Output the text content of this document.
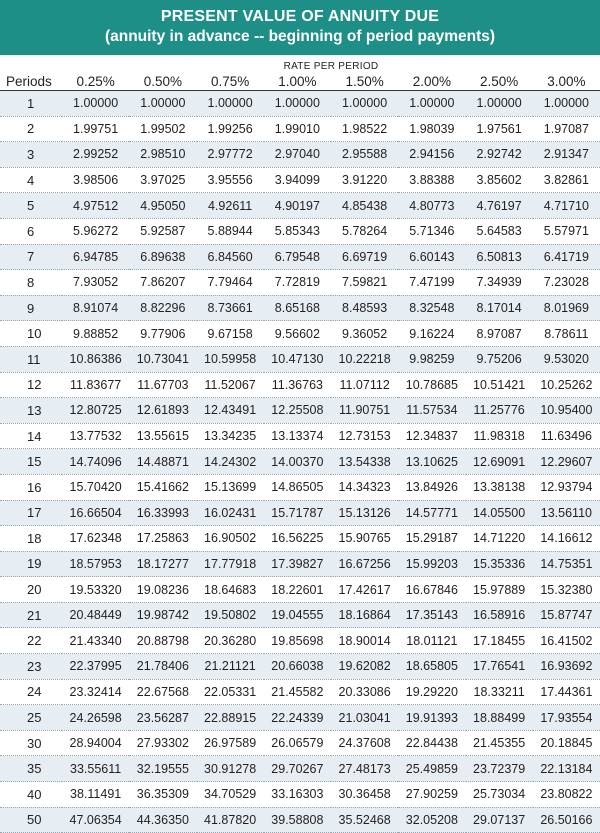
PRESENT VALUE OF ANNUITY DUE
(annuity in advance -- beginning of period payments)
	RATE PER PERIOD							
Periods	0.25%	0.50%	0.75%	1.00%	1.50%	2.00%	2.50%	3.00%
1	1.00000	1.00000	1.00000	1.00000	1.00000	1.00000	1.00000	1.00000
2	1.99751	1.99502	1.99256	1.99010	1.98522	1.98039	1.97561	1.97087
3	2.99252	2.98510	2.97772	2.97040	2.95588	2.94156	2.92742	2.91347
4	3.98506	3.97025	3.95556	3.94099	3.91220	3.88388	3.85602	3.82861
5	4.97512	4.95050	4.92611	4.90197	4.85438	4.80773	4.76197	4.71710
6	5.96272	5.92587	5.88944	5.85343	5.78264	5.71346	5.64583	5.57971
7	6.94785	6.89638	6.84560	6.79548	6.69719	6.60143	6.50813	6.41719
8	7.93052	7.86207	7.79464	7.72819	7.59821	7.47199	7.34939	7.23028
9	8.91074	8.82296	8.73661	8.65168	8.48593	8.32548	8.17014	8.01969
10	9.88852	9.77906	9.67158	9.56602	9.36052	9.16224	8.97087	8.78611
11	10.86386	10.73041	10.59958	10.47130	10.22218	9.98259	9.75206	9.53020
12	11.83677	11.67703	11.52067	11.36763	11.07112	10.78685	10.51421	10.25262
13	12.80725	12.61893	12.43491	12.25508	11.90751	11.57534	11.25776	10.95400
14	13.77532	13.55615	13.34235	13.13374	12.73153	12.34837	11.98318	11.63496
15	14.74096	14.48871	14.24302	14.00370	13.54338	13.10625	12.69091	12.29607
16	15.70420	15.41662	15.13699	14.86505	14.34323	13.84926	13.38138	12.93794
17	16.66504	16.33993	16.02431	15.71787	15.13126	14.57771	14.05500	13.56110
18	17.62348	17.25863	16.90502	16.56225	15.90765	15.29187	14.71220	14.16612
19	18.57953	18.17277	17.77918	17.39827	16.67256	15.99203	15.35336	14.75351
20	19.53320	19.08236	18.64683	18.22601	17.42617	16.67846	15.97889	15.32380
21	20.48449	19.98742	19.50802	19.04555	18.16864	17.35143	16.58916	15.87747
22	21.43340	20.88798	20.36280	19.85698	18.90014	18.01121	17.18455	16.41502
23	22.37995	21.78406	21.21121	20.66038	19.62082	18.65805	17.76541	16.93692
24	23.32414	22.67568	22.05331	21.45582	20.33086	19.29220	18.33211	17.44361
25	24.26598	23.56287	22.88915	22.24339	21.03041	19.91393	18.88499	17.93554
30	28.94004	27.93302	26.97589	26.06579	24.37608	22.84438	21.45355	20.18845
35	33.55611	32.19555	30.91278	29.70267	27.48173	25.49859	23.72379	22.13184
40	38.11491	36.35309	34.70529	33.16303	30.36458	27.90259	25.73034	23.80822
50	47.06354	44.36350	41.87820	39.58808	35.52468	32.05208	29.07137	26.50166
